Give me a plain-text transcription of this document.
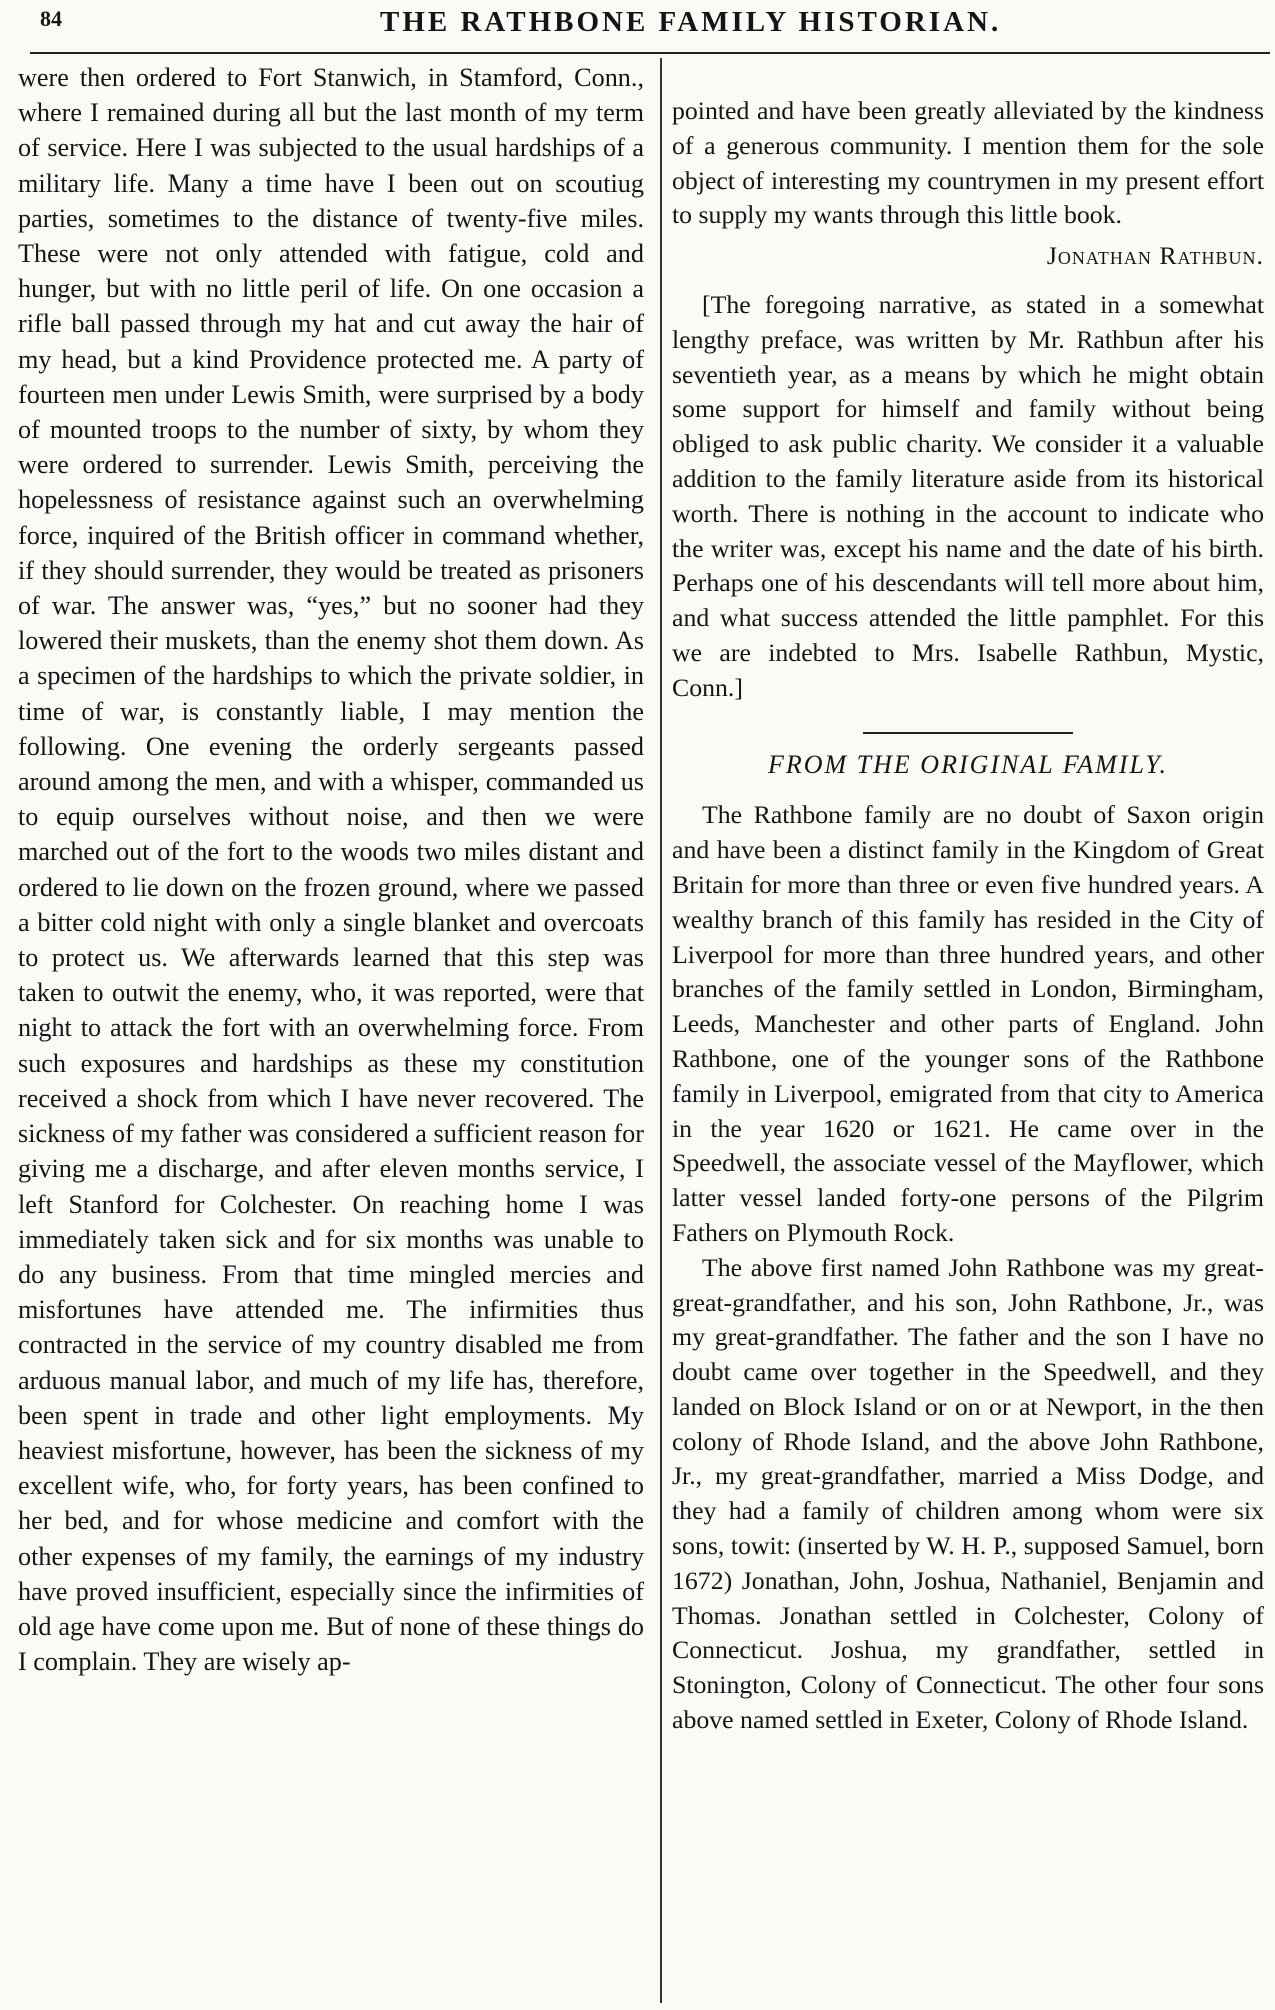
84	THE RATHBONE FAMILY HISTORIAN.

were then ordered to Fort Stanwich, in Stamford, Conn., where I remained during all but the last month of my term of service. Here I was subjected to the usual hardships of a military life. Many a time have I been out on scoutiug parties, sometimes to the distance of twenty-five miles. These were not only attended with fatigue, cold and hunger, but with no little peril of life. On one occasion a rifle ball passed through my hat and cut away the hair of my head, but a kind Providence protected me. A party of fourteen men under Lewis Smith, were surprised by a body of mounted troops to the number of sixty, by whom they were ordered to surrender. Lewis Smith, perceiving the hopelessness of resistance against such an overwhelming force, inquired of the British officer in command whether, if they should surrender, they would be treated as prisoners of war. The answer was, “yes,” but no sooner had they lowered their muskets, than the enemy shot them down. As a specimen of the hardships to which the private soldier, in time of war, is constantly liable, I may mention the following. One evening the orderly sergeants passed around among the men, and with a whisper, commanded us to equip ourselves without noise, and then we were marched out of the fort to the woods two miles distant and ordered to lie down on the frozen ground, where we passed a bitter cold night with only a single blanket and overcoats to protect us. We afterwards learned that this step was taken to outwit the enemy, who, it was reported, were that night to attack the fort with an overwhelming force. From such exposures and hardships as these my constitution received a shock from which I have never recovered. The sickness of my father was considered a sufficient reason for giving me a discharge, and after eleven months service, I left Stanford for Colchester. On reaching home I was immediately taken sick and for six months was unable to do any business. From that time mingled mercies and misfortunes have attended me. The infirmities thus contracted in the service of my country disabled me from arduous manual labor, and much of my life has, therefore, been spent in trade and other light employments. My heaviest misfortune, however, has been the sickness of my excellent wife, who, for forty years, has been confined to her bed, and for whose medicine and comfort with the other expenses of my family, the earnings of my industry have proved insufficient, especially since the infirmities of old age have come upon me. But of none of these things do I complain. They are wisely ap-

pointed and have been greatly alleviated by the kindness of a generous community. I mention them for the sole object of interesting my countrymen in my present effort to supply my wants through this little book.

Jonathan Rathbun.

[The foregoing narrative, as stated in a somewhat lengthy preface, was written by Mr. Rathbun after his seventieth year, as a means by which he might obtain some support for himself and family without being obliged to ask public charity. We consider it a valuable addition to the family literature aside from its historical worth. There is nothing in the account to indicate who the writer was, except his name and the date of his birth. Perhaps one of his descendants will tell more about him, and what success attended the little pamphlet. For this we are indebted to Mrs. Isabelle Rathbun, Mystic, Conn.]

FROM THE ORIGINAL FAMILY.

The Rathbone family are no doubt of Saxon origin and have been a distinct family in the Kingdom of Great Britain for more than three or even five hundred years. A wealthy branch of this family has resided in the City of Liverpool for more than three hundred years, and other branches of the family settled in London, Birmingham, Leeds, Manchester and other parts of England. John Rathbone, one of the younger sons of the Rathbone family in Liverpool, emigrated from that city to America in the year 1620 or 1621. He came over in the Speedwell, the associate vessel of the Mayflower, which latter vessel landed forty-one persons of the Pilgrim Fathers on Plymouth Rock.

The above first named John Rathbone was my great-great-grandfather, and his son, John Rathbone, Jr., was my great-grandfather. The father and the son I have no doubt came over together in the Speedwell, and they landed on Block Island or on or at Newport, in the then colony of Rhode Island, and the above John Rathbone, Jr., my great-grandfather, married a Miss Dodge, and they had a family of children among whom were six sons, towit: (inserted by W. H. P., supposed Samuel, born 1672) Jonathan, John, Joshua, Nathaniel, Benjamin and Thomas. Jonathan settled in Colchester, Colony of Connecticut. Joshua, my grandfather, settled in Stonington, Colony of Connecticut. The other four sons above named settled in Exeter, Colony of Rhode Island.
